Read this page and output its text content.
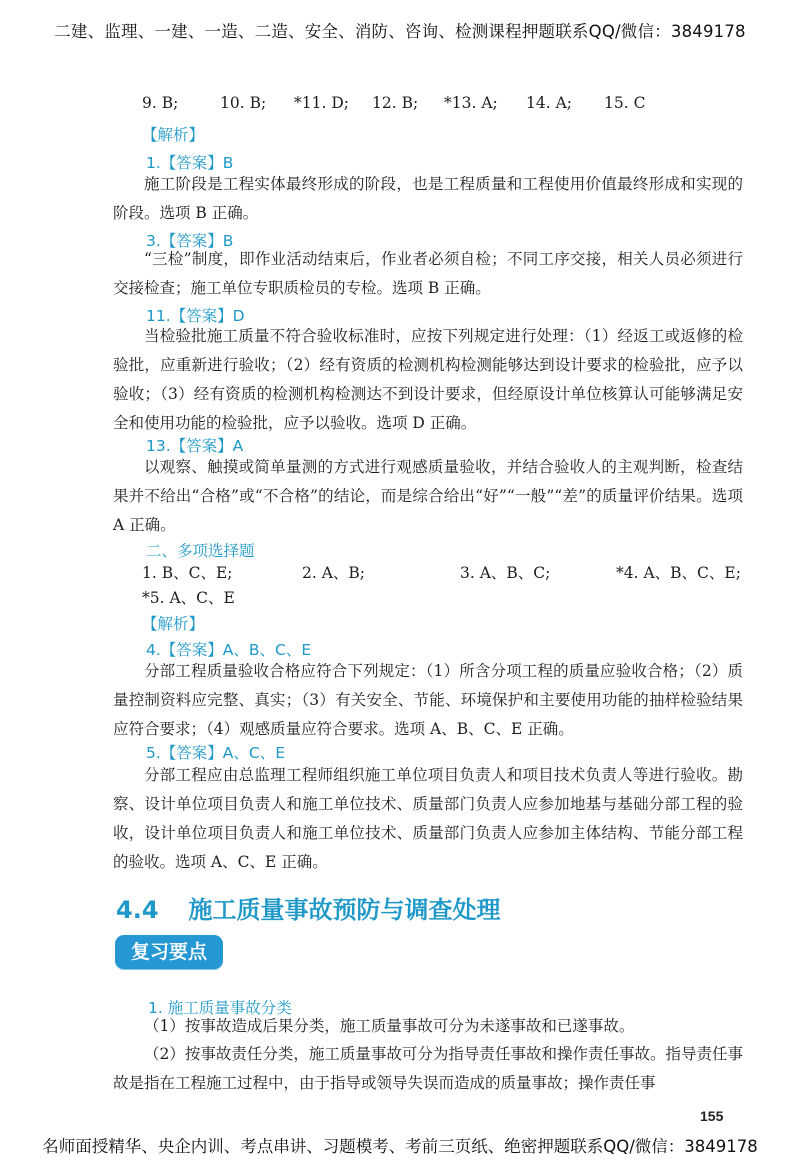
二建、监理、一建、一造、二造、安全、消防、咨询、检测课程押题联系QQ/微信：3849178
9. B;	10. B; *11. D; 12. B; *13. A; 14. A; 15. C
【解析】
1.【答案】B
施工阶段是工程实体最终形成的阶段，也是工程质量和工程使用价值最终形成和实现的阶段。选项 B 正确。
3.【答案】B
“三检”制度，即作业活动结束后，作业者必须自检；不同工序交接，相关人员必须进行交接检查；施工单位专职质检员的专检。选项 B 正确。
11.【答案】D
当检验批施工质量不符合验收标准时，应按下列规定进行处理：（1）经返工或返修的检验批，应重新进行验收；（2）经有资质的检测机构检测能够达到设计要求的检验批，应予以验收；（3）经有资质的检测机构检测达不到设计要求，但经原设计单位核算认可能够满足安全和使用功能的检验批，应予以验收。选项 D 正确。
13.【答案】A
以观察、触摸或简单量测的方式进行观感质量验收，并结合验收人的主观判断，检查结果并不给出“合格”或“不合格”的结论，而是综合给出“好”“一般”“差”的质量评价结果。选项 A 正确。
二、多项选择题
1. B、C、E;	2. A、B;	3. A、B、C;	*4. A、B、C、E;
*5. A、C、E
【解析】
4.【答案】A、B、C、E
分部工程质量验收合格应符合下列规定：（1）所含分项工程的质量应验收合格；（2）质量控制资料应完整、真实；（3）有关安全、节能、环境保护和主要使用功能的抽样检验结果应符合要求；（4）观感质量应符合要求。选项 A、B、C、E 正确。
5.【答案】A、C、E
分部工程应由总监理工程师组织施工单位项目负责人和项目技术负责人等进行验收。勘察、设计单位项目负责人和施工单位技术、质量部门负责人应参加地基与基础分部工程的验收，设计单位项目负责人和施工单位技术、质量部门负责人应参加主体结构、节能分部工程的验收。选项 A、C、E 正确。
4.4 施工质量事故预防与调查处理
复习要点
1. 施工质量事故分类
（1）按事故造成后果分类，施工质量事故可分为未遂事故和已遂事故。
（2）按事故责任分类，施工质量事故可分为指导责任事故和操作责任事故。指导责任事故是指在工程施工过程中，由于指导或领导失误而造成的质量事故；操作责任事
155
名师面授精华、央企内训、考点串讲、习题模考、考前三页纸、绝密押题联系QQ/微信：3849178
